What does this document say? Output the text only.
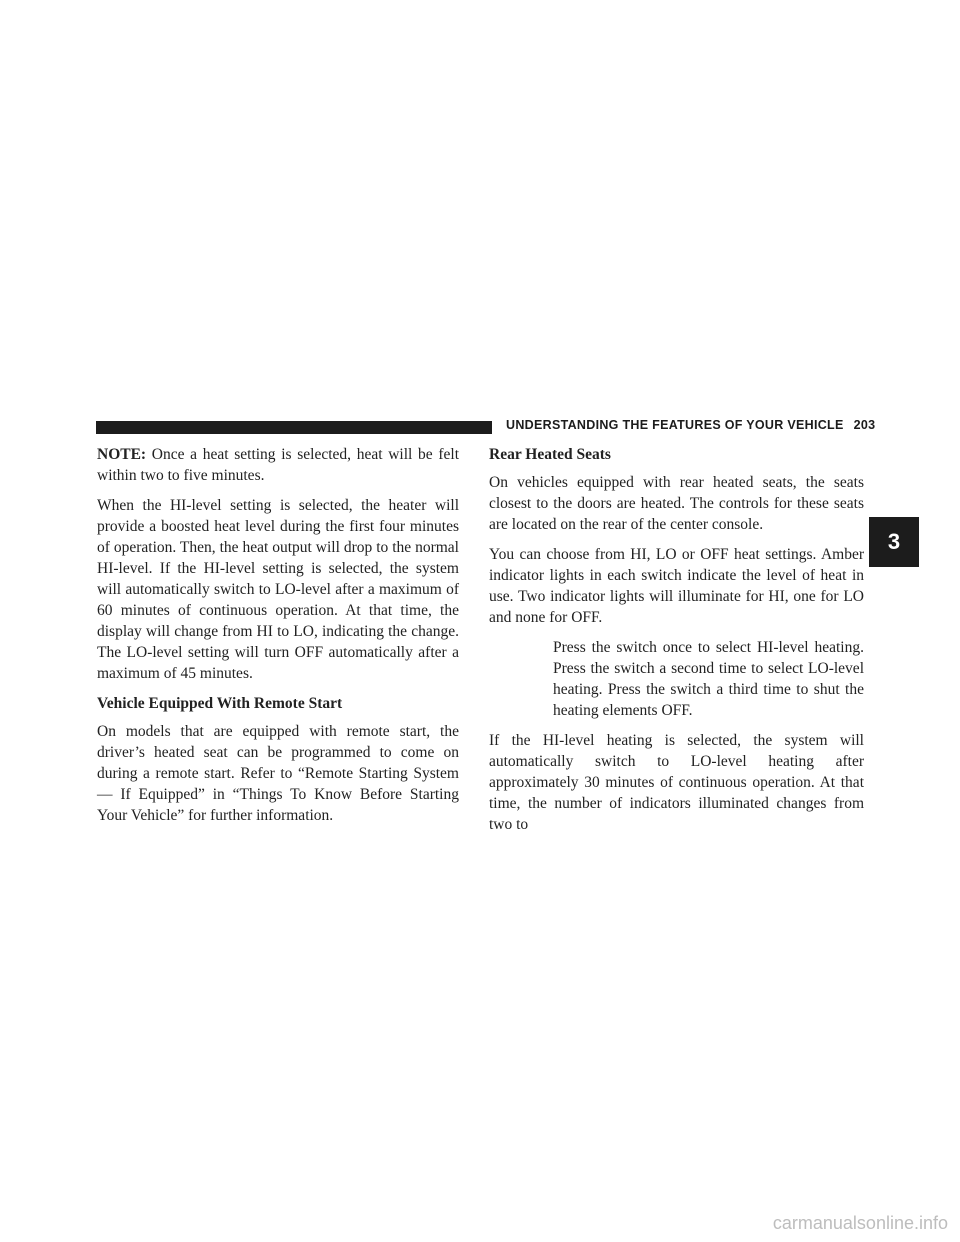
UNDERSTANDING THE FEATURES OF YOUR VEHICLE 203
3

NOTE: Once a heat setting is selected, heat will be felt within two to five minutes.

When the HI-level setting is selected, the heater will provide a boosted heat level during the first four minutes of operation. Then, the heat output will drop to the normal HI-level. If the HI-level setting is selected, the system will automatically switch to LO-level after a maximum of 60 minutes of continuous operation. At that time, the display will change from HI to LO, indicating the change. The LO-level setting will turn OFF automatically after a maximum of 45 minutes.

Vehicle Equipped With Remote Start

On models that are equipped with remote start, the driver’s heated seat can be programmed to come on during a remote start. Refer to “Remote Starting System — If Equipped” in “Things To Know Before Starting Your Vehicle” for further information.

Rear Heated Seats

On vehicles equipped with rear heated seats, the seats closest to the doors are heated. The controls for these seats are located on the rear of the center console.

You can choose from HI, LO or OFF heat settings. Amber indicator lights in each switch indicate the level of heat in use. Two indicator lights will illuminate for HI, one for LO and none for OFF.

Press the switch once to select HI-level heating. Press the switch a second time to select LO-level heating. Press the switch a third time to shut the heating elements OFF.

If the HI-level heating is selected, the system will automatically switch to LO-level heating after approximately 30 minutes of continuous operation. At that time, the number of indicators illuminated changes from two to

carmanualsonline.info
